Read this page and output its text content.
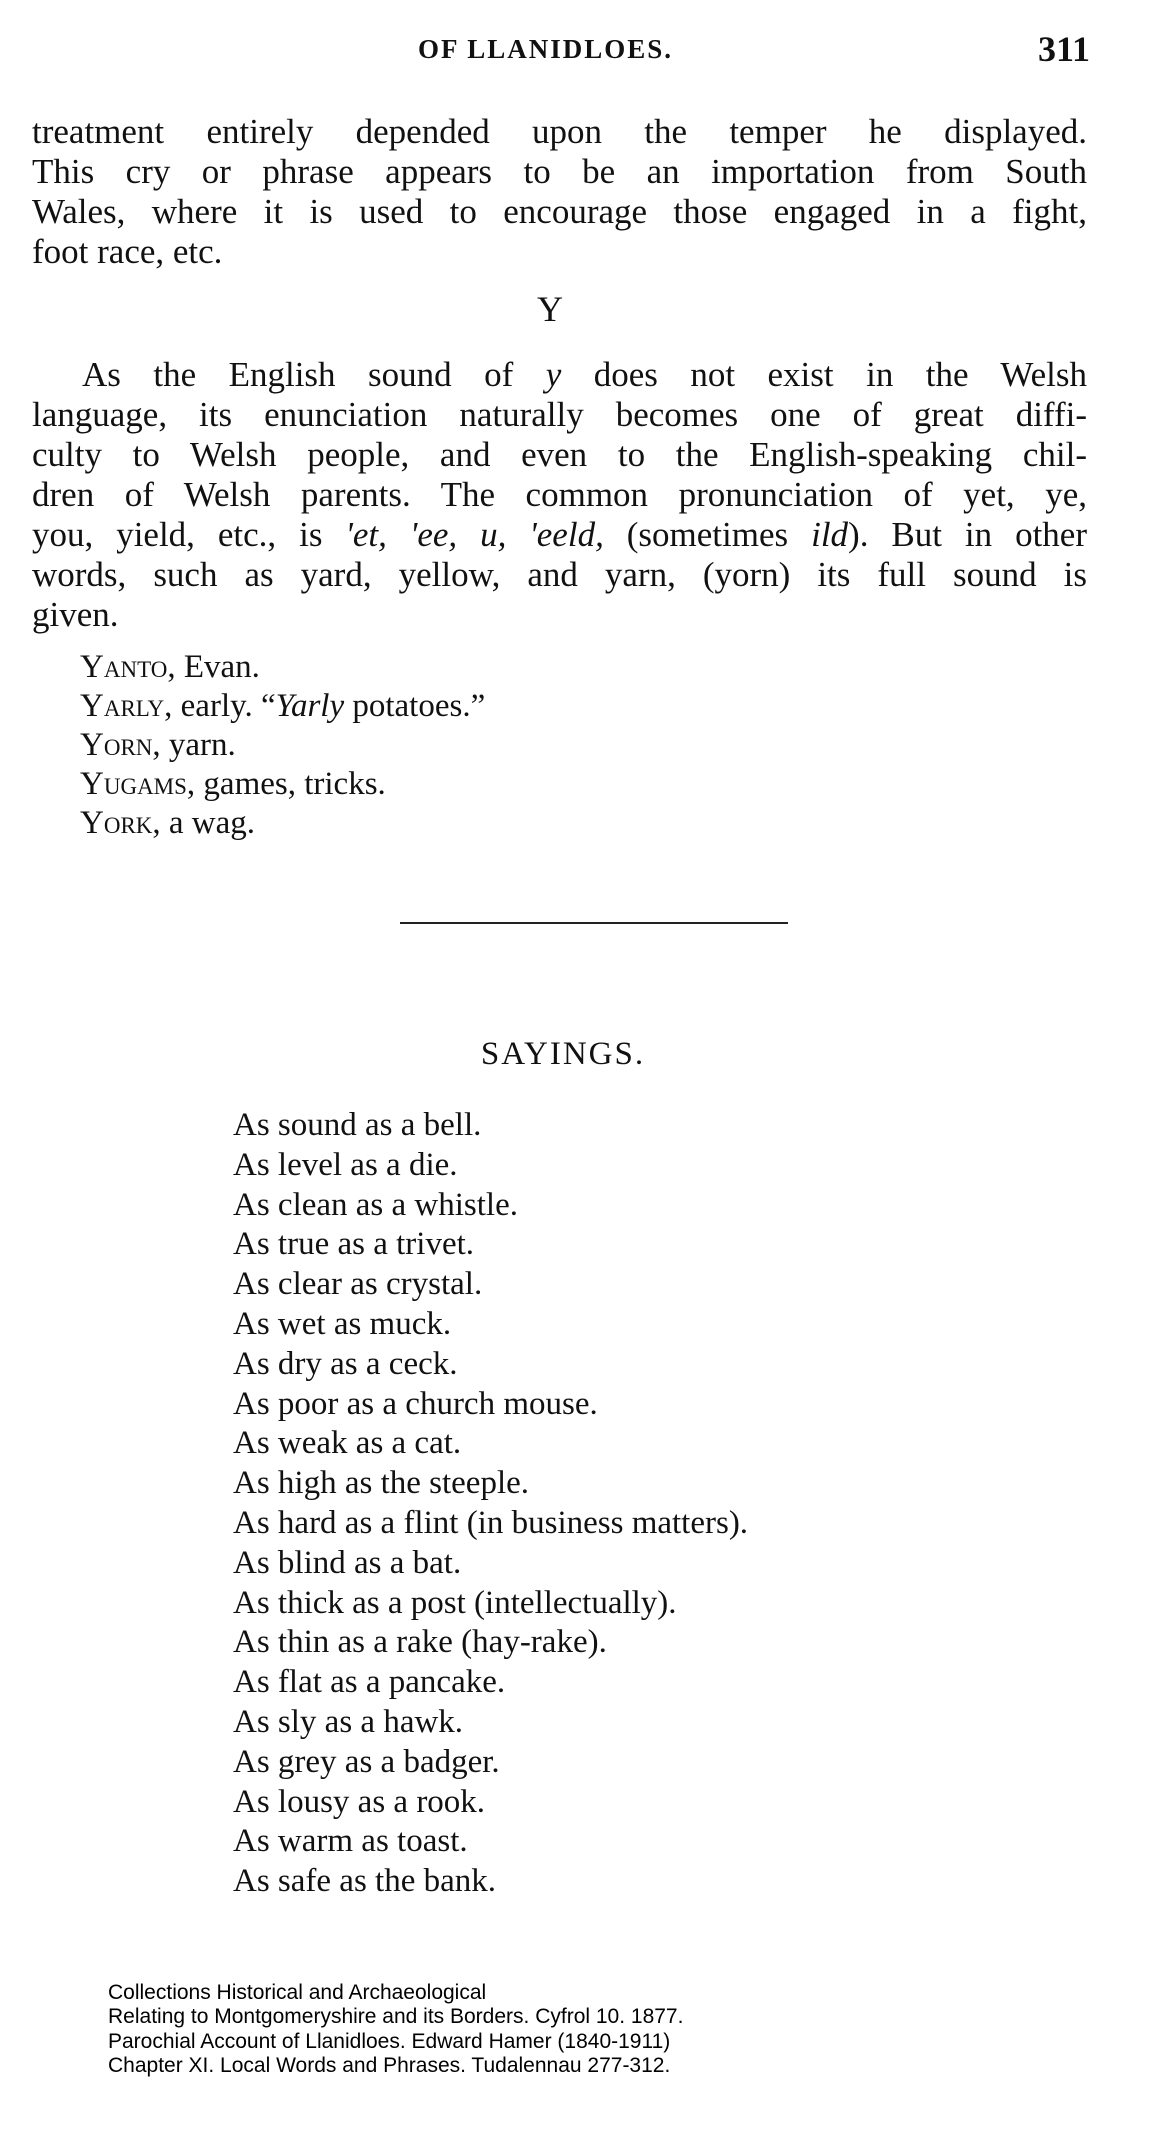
OF LLANIDLOES.	311
treatment entirely depended upon the temper he displayed.
This cry or phrase appears to be an importation from South
Wales, where it is used to encourage those engaged in a fight,
foot race, etc.
Y
As the English sound of y does not exist in the Welsh
language, its enunciation naturally becomes one of great diffi-
culty to Welsh people, and even to the English-speaking chil-
dren of Welsh parents. The common pronunciation of yet, ye,
you, yield, etc., is 'et, 'ee, u, 'eeld, (sometimes ild). But in other
words, such as yard, yellow, and yarn, (yorn) its full sound is
given.
Yanto, Evan.
Yarly, early. “Yarly potatoes.”
Yorn, yarn.
Yugams, games, tricks.
York, a wag.
SAYINGS.
As sound as a bell.
As level as a die.
As clean as a whistle.
As true as a trivet.
As clear as crystal.
As wet as muck.
As dry as a ceck.
As poor as a church mouse.
As weak as a cat.
As high as the steeple.
As hard as a flint (in business matters).
As blind as a bat.
As thick as a post (intellectually).
As thin as a rake (hay-rake).
As flat as a pancake.
As sly as a hawk.
As grey as a badger.
As lousy as a rook.
As warm as toast.
As safe as the bank.
Collections Historical and Archaeological
Relating to Montgomeryshire and its Borders. Cyfrol 10. 1877.
Parochial Account of Llanidloes. Edward Hamer (1840-1911)
Chapter XI. Local Words and Phrases. Tudalennau 277-312.
